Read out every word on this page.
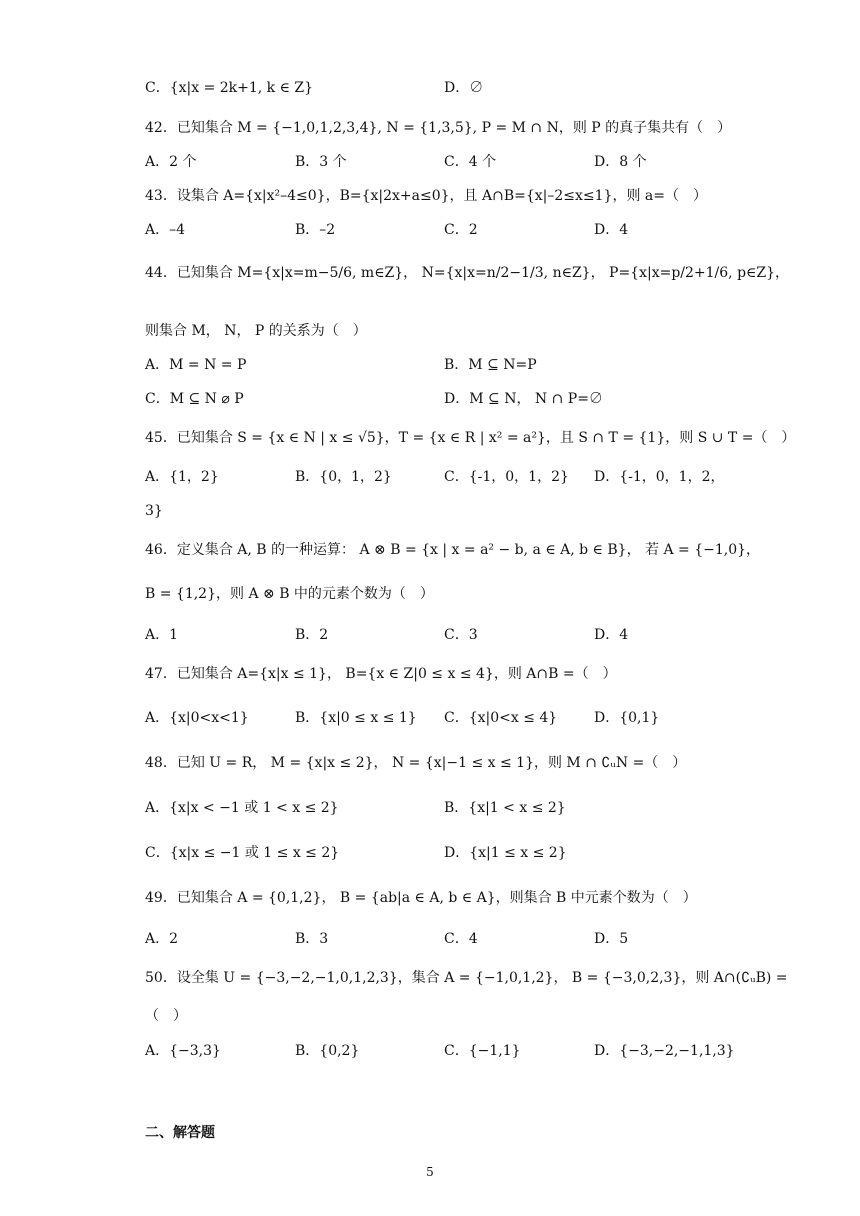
C．{x|x = 2k+1, k ∈ Z}	D．∅
42．已知集合 M = {−1,0,1,2,3,4}, N = {1,3,5}, P = M ∩ N，则 P 的真子集共有（　）
A．2 个	B．3 个	C．4 个	D．8 个
43．设集合 A={x|x²–4≤0}，B={x|2x+a≤0}，且 A∩B={x|–2≤x≤1}，则 a=（　）
A．–4	B．–2	C．2	D．4
44．已知集合 M={x|x=m−5/6, m∈Z}， N={x|x=n/2−1/3, n∈Z}， P={x|x=p/2+1/6, p∈Z}，
则集合 M， N， P 的关系为（　）
A．M = N = P	B．M ⊆ N=P
C．M ⊆ N ⌀ P	D．M ⊆ N， N ∩ P=∅
45．已知集合 S = {x ∈ N | x ≤ √5}，T = {x ∈ R | x² = a²}，且 S ∩ T = {1}，则 S ∪ T =（　）
A．{1，2}	B．{0，1，2}	C．{-1，0，1，2} D．{-1，0，1，2，
3}
46．定义集合 A, B 的一种运算： A ⊗ B = {x | x = a² − b, a ∈ A, b ∈ B}， 若 A = {−1,0}，
B = {1,2}，则 A ⊗ B 中的元素个数为（　）
A．1	B．2	C．3	D．4
47．已知集合 A={x|x ≤ 1}， B={x ∈ Z|0 ≤ x ≤ 4}，则 A∩B =（　）
A．{x|0<x<1}	B．{x|0 ≤ x ≤ 1} C．{x|0<x ≤ 4}	D．{0,1}
48．已知 U = R， M = {x|x ≤ 2}， N = {x|−1 ≤ x ≤ 1}，则 M ∩ ∁ᵤN =（　）
A．{x|x < −1 或 1 < x ≤ 2}	B．{x|1 < x ≤ 2}
C．{x|x ≤ −1 或 1 ≤ x ≤ 2}	D．{x|1 ≤ x ≤ 2}
49．已知集合 A = {0,1,2}， B = {ab|a ∈ A, b ∈ A}，则集合 B 中元素个数为（　）
A．2	B．3	C．4	D．5
50．设全集 U = {−3,−2,−1,0,1,2,3}，集合 A = {−1,0,1,2}， B = {−3,0,2,3}，则 A∩(∁ᵤB) =
（　）
A．{−3,3}	B．{0,2}	C．{−1,1}	D．{−3,−2,−1,1,3}
二、解答题
5
